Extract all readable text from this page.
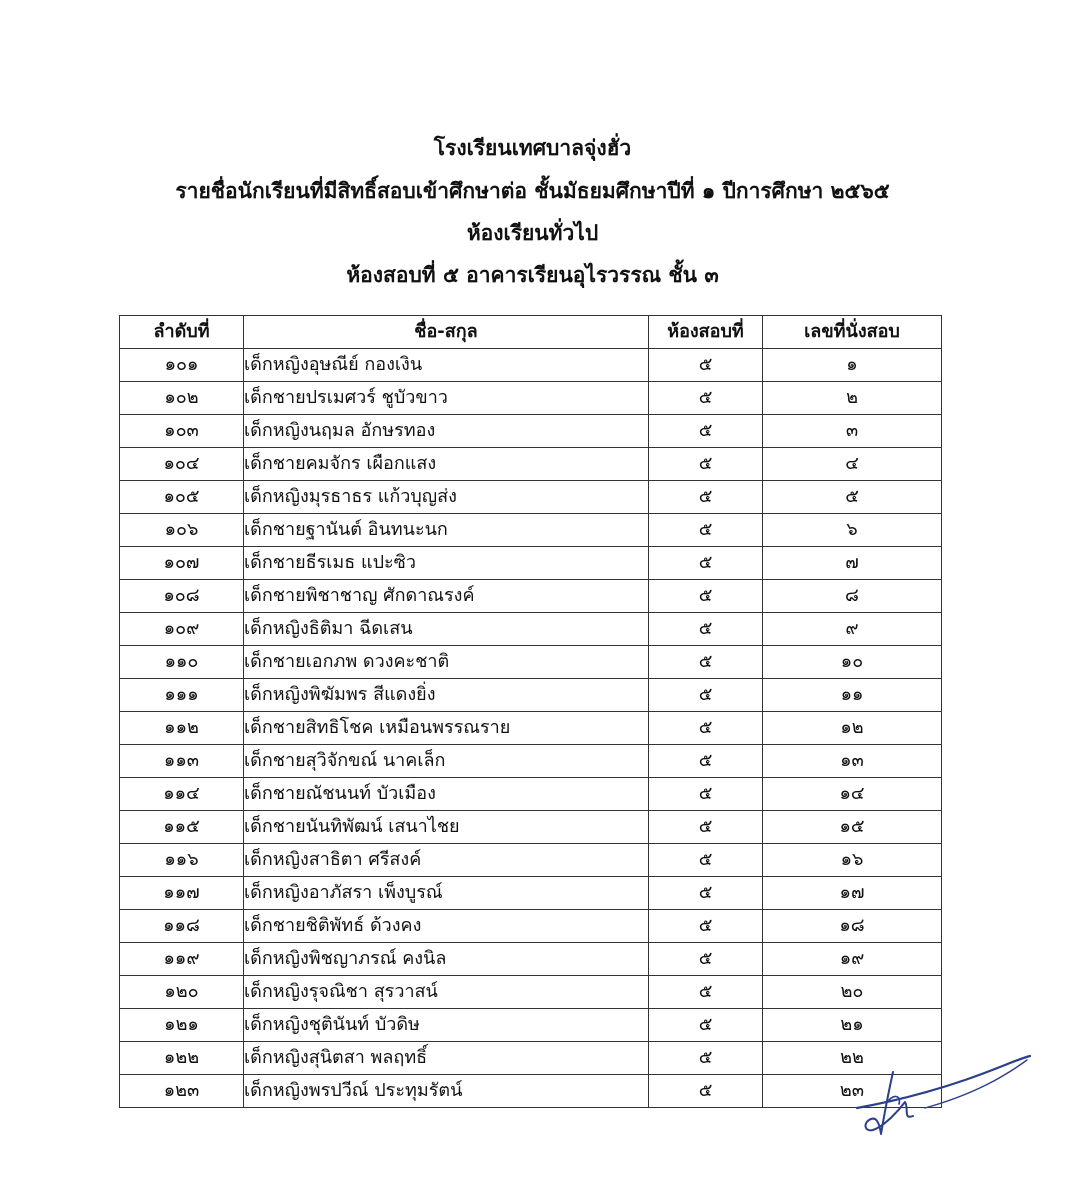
โรงเรียนเทศบาลจุ่งฮั่ว
รายชื่อนักเรียนที่มีสิทธิ์สอบเข้าศึกษาต่อ ชั้นมัธยมศึกษาปีที่ ๑ ปีการศึกษา ๒๕๖๕
ห้องเรียนทั่วไป
ห้องสอบที่ ๕ อาคารเรียนอุไรวรรณ ชั้น ๓
ลำดับที่	ชื่อ-สกุล	ห้องสอบที่	เลขที่นั่งสอบ
๑๐๑	เด็กหญิงอุษณีย์ กองเงิน	๕	๑
๑๐๒	เด็กชายปรเมศวร์ ชูบัวขาว	๕	๒
๑๐๓	เด็กหญิงนฤมล อักษรทอง	๕	๓
๑๐๔	เด็กชายคมจักร เผือกแสง	๕	๔
๑๐๕	เด็กหญิงมุรธาธร แก้วบุญส่ง	๕	๕
๑๐๖	เด็กชายฐานันต์ อินทนะนก	๕	๖
๑๐๗	เด็กชายธีรเมธ แปะซิว	๕	๗
๑๐๘	เด็กชายพิชาชาญ ศักดาณรงค์	๕	๘
๑๐๙	เด็กหญิงธิติมา ฉีดเสน	๕	๙
๑๑๐	เด็กชายเอกภพ ดวงคะชาติ	๕	๑๐
๑๑๑	เด็กหญิงพิฆัมพร สีแดงยิ่ง	๕	๑๑
๑๑๒	เด็กชายสิทธิโชค เหมือนพรรณราย	๕	๑๒
๑๑๓	เด็กชายสุวิจักขณ์ นาคเล็ก	๕	๑๓
๑๑๔	เด็กชายณัชนนท์ บัวเมือง	๕	๑๔
๑๑๕	เด็กชายนันทิพัฒน์ เสนาไชย	๕	๑๕
๑๑๖	เด็กหญิงสาธิตา ศรีสงค์	๕	๑๖
๑๑๗	เด็กหญิงอาภัสรา เพ็งบูรณ์	๕	๑๗
๑๑๘	เด็กชายชิติพัทธ์ ด้วงคง	๕	๑๘
๑๑๙	เด็กหญิงพิชญาภรณ์ คงนิล	๕	๑๙
๑๒๐	เด็กหญิงรุจณิชา สุรวาสน์	๕	๒๐
๑๒๑	เด็กหญิงชุตินันท์ บัวดิษ	๕	๒๑
๑๒๒	เด็กหญิงสุนิตสา พลฤทธิ์	๕	๒๒
๑๒๓	เด็กหญิงพรปวีณ์ ประทุมรัตน์	๕	๒๓
